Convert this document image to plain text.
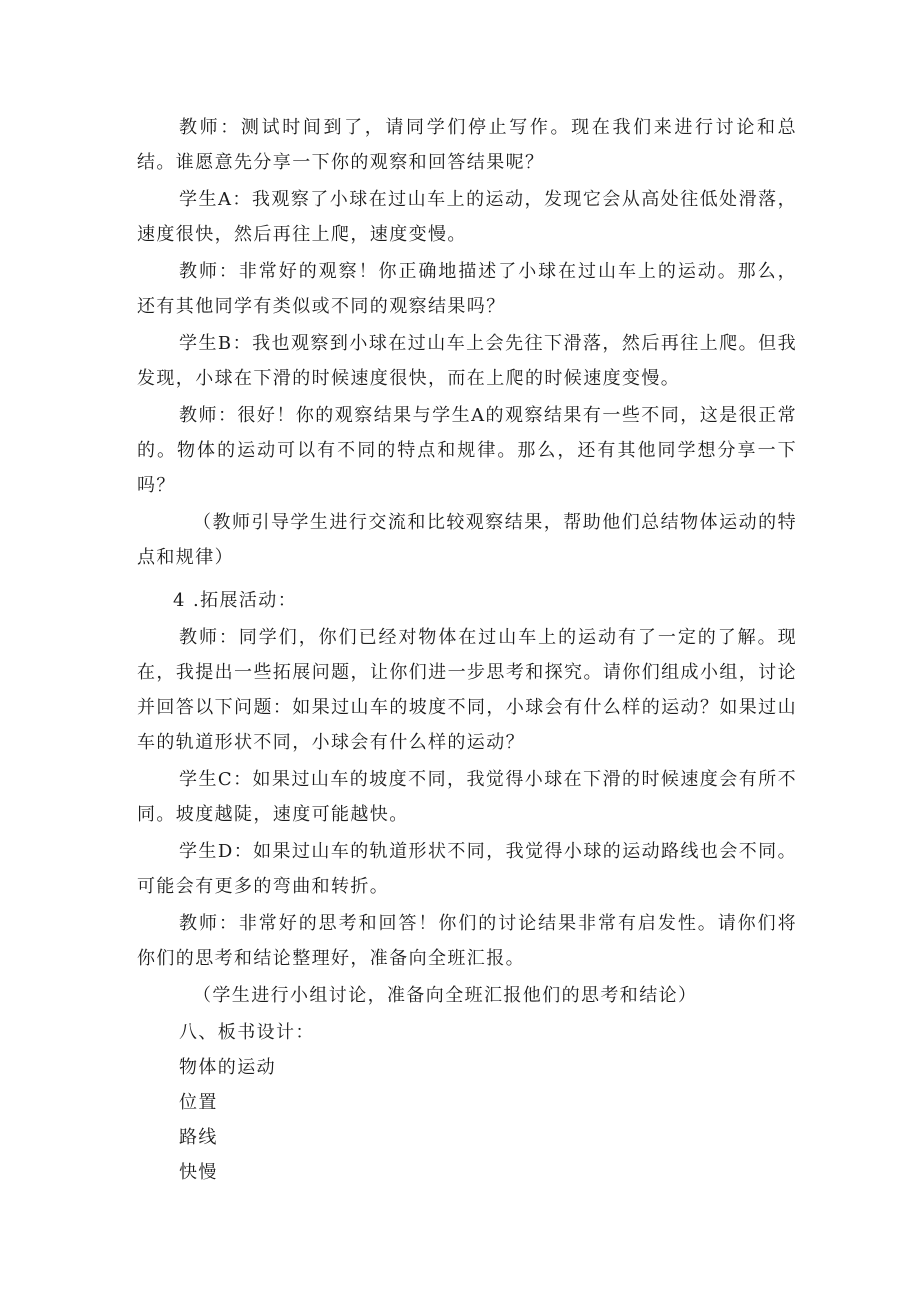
教师：测试时间到了，请同学们停止写作。现在我们来进行讨论和总结。谁愿意先分享一下你的观察和回答结果呢？

学生A：我观察了小球在过山车上的运动，发现它会从高处往低处滑落，速度很快，然后再往上爬，速度变慢。

教师：非常好的观察！你正确地描述了小球在过山车上的运动。那么，还有其他同学有类似或不同的观察结果吗？

学生B：我也观察到小球在过山车上会先往下滑落，然后再往上爬。但我发现，小球在下滑的时候速度很快，而在上爬的时候速度变慢。

教师：很好！你的观察结果与学生A的观察结果有一些不同，这是很正常的。物体的运动可以有不同的特点和规律。那么，还有其他同学想分享一下吗？

（教师引导学生进行交流和比较观察结果，帮助他们总结物体运动的特点和规律）

4 .拓展活动：

教师：同学们，你们已经对物体在过山车上的运动有了一定的了解。现在，我提出一些拓展问题，让你们进一步思考和探究。请你们组成小组，讨论并回答以下问题：如果过山车的坡度不同，小球会有什么样的运动？如果过山车的轨道形状不同，小球会有什么样的运动？

学生C：如果过山车的坡度不同，我觉得小球在下滑的时候速度会有所不同。坡度越陡，速度可能越快。

学生D：如果过山车的轨道形状不同，我觉得小球的运动路线也会不同。可能会有更多的弯曲和转折。

教师：非常好的思考和回答！你们的讨论结果非常有启发性。请你们将你们的思考和结论整理好，准备向全班汇报。

（学生进行小组讨论，准备向全班汇报他们的思考和结论）

八、板书设计：

物体的运动

位置

路线

快慢
